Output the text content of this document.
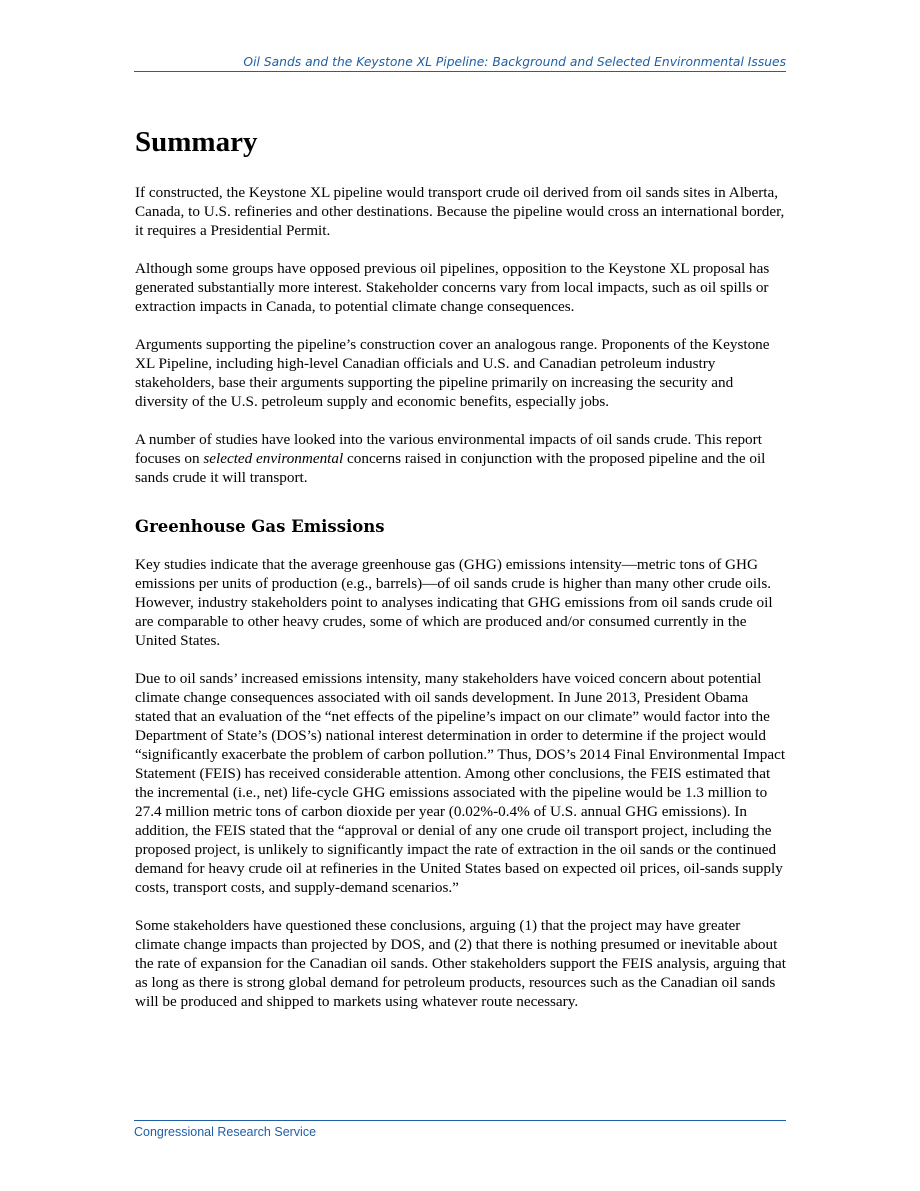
Oil Sands and the Keystone XL Pipeline: Background and Selected Environmental Issues
Summary

If constructed, the Keystone XL pipeline would transport crude oil derived from oil sands sites in Alberta, Canada, to U.S. refineries and other destinations. Because the pipeline would cross an international border, it requires a Presidential Permit.

Although some groups have opposed previous oil pipelines, opposition to the Keystone XL proposal has generated substantially more interest. Stakeholder concerns vary from local impacts, such as oil spills or extraction impacts in Canada, to potential climate change consequences.

Arguments supporting the pipeline’s construction cover an analogous range. Proponents of the Keystone XL Pipeline, including high-level Canadian officials and U.S. and Canadian petroleum industry stakeholders, base their arguments supporting the pipeline primarily on increasing the security and diversity of the U.S. petroleum supply and economic benefits, especially jobs.

A number of studies have looked into the various environmental impacts of oil sands crude. This report focuses on selected environmental concerns raised in conjunction with the proposed pipeline and the oil sands crude it will transport.

Greenhouse Gas Emissions

Key studies indicate that the average greenhouse gas (GHG) emissions intensity—metric tons of GHG emissions per units of production (e.g., barrels)—of oil sands crude is higher than many other crude oils. However, industry stakeholders point to analyses indicating that GHG emissions from oil sands crude oil are comparable to other heavy crudes, some of which are produced and/or consumed currently in the United States.

Due to oil sands’ increased emissions intensity, many stakeholders have voiced concern about potential climate change consequences associated with oil sands development. In June 2013, President Obama stated that an evaluation of the “net effects of the pipeline’s impact on our climate” would factor into the Department of State’s (DOS’s) national interest determination in order to determine if the project would “significantly exacerbate the problem of carbon pollution.” Thus, DOS’s 2014 Final Environmental Impact Statement (FEIS) has received considerable attention. Among other conclusions, the FEIS estimated that the incremental (i.e., net) life-cycle GHG emissions associated with the pipeline would be 1.3 million to 27.4 million metric tons of carbon dioxide per year (0.02%-0.4% of U.S. annual GHG emissions). In addition, the FEIS stated that the “approval or denial of any one crude oil transport project, including the proposed project, is unlikely to significantly impact the rate of extraction in the oil sands or the continued demand for heavy crude oil at refineries in the United States based on expected oil prices, oil-sands supply costs, transport costs, and supply-demand scenarios.”

Some stakeholders have questioned these conclusions, arguing (1) that the project may have greater climate change impacts than projected by DOS, and (2) that there is nothing presumed or inevitable about the rate of expansion for the Canadian oil sands. Other stakeholders support the FEIS analysis, arguing that as long as there is strong global demand for petroleum products, resources such as the Canadian oil sands will be produced and shipped to markets using whatever route necessary.

Congressional Research Service
